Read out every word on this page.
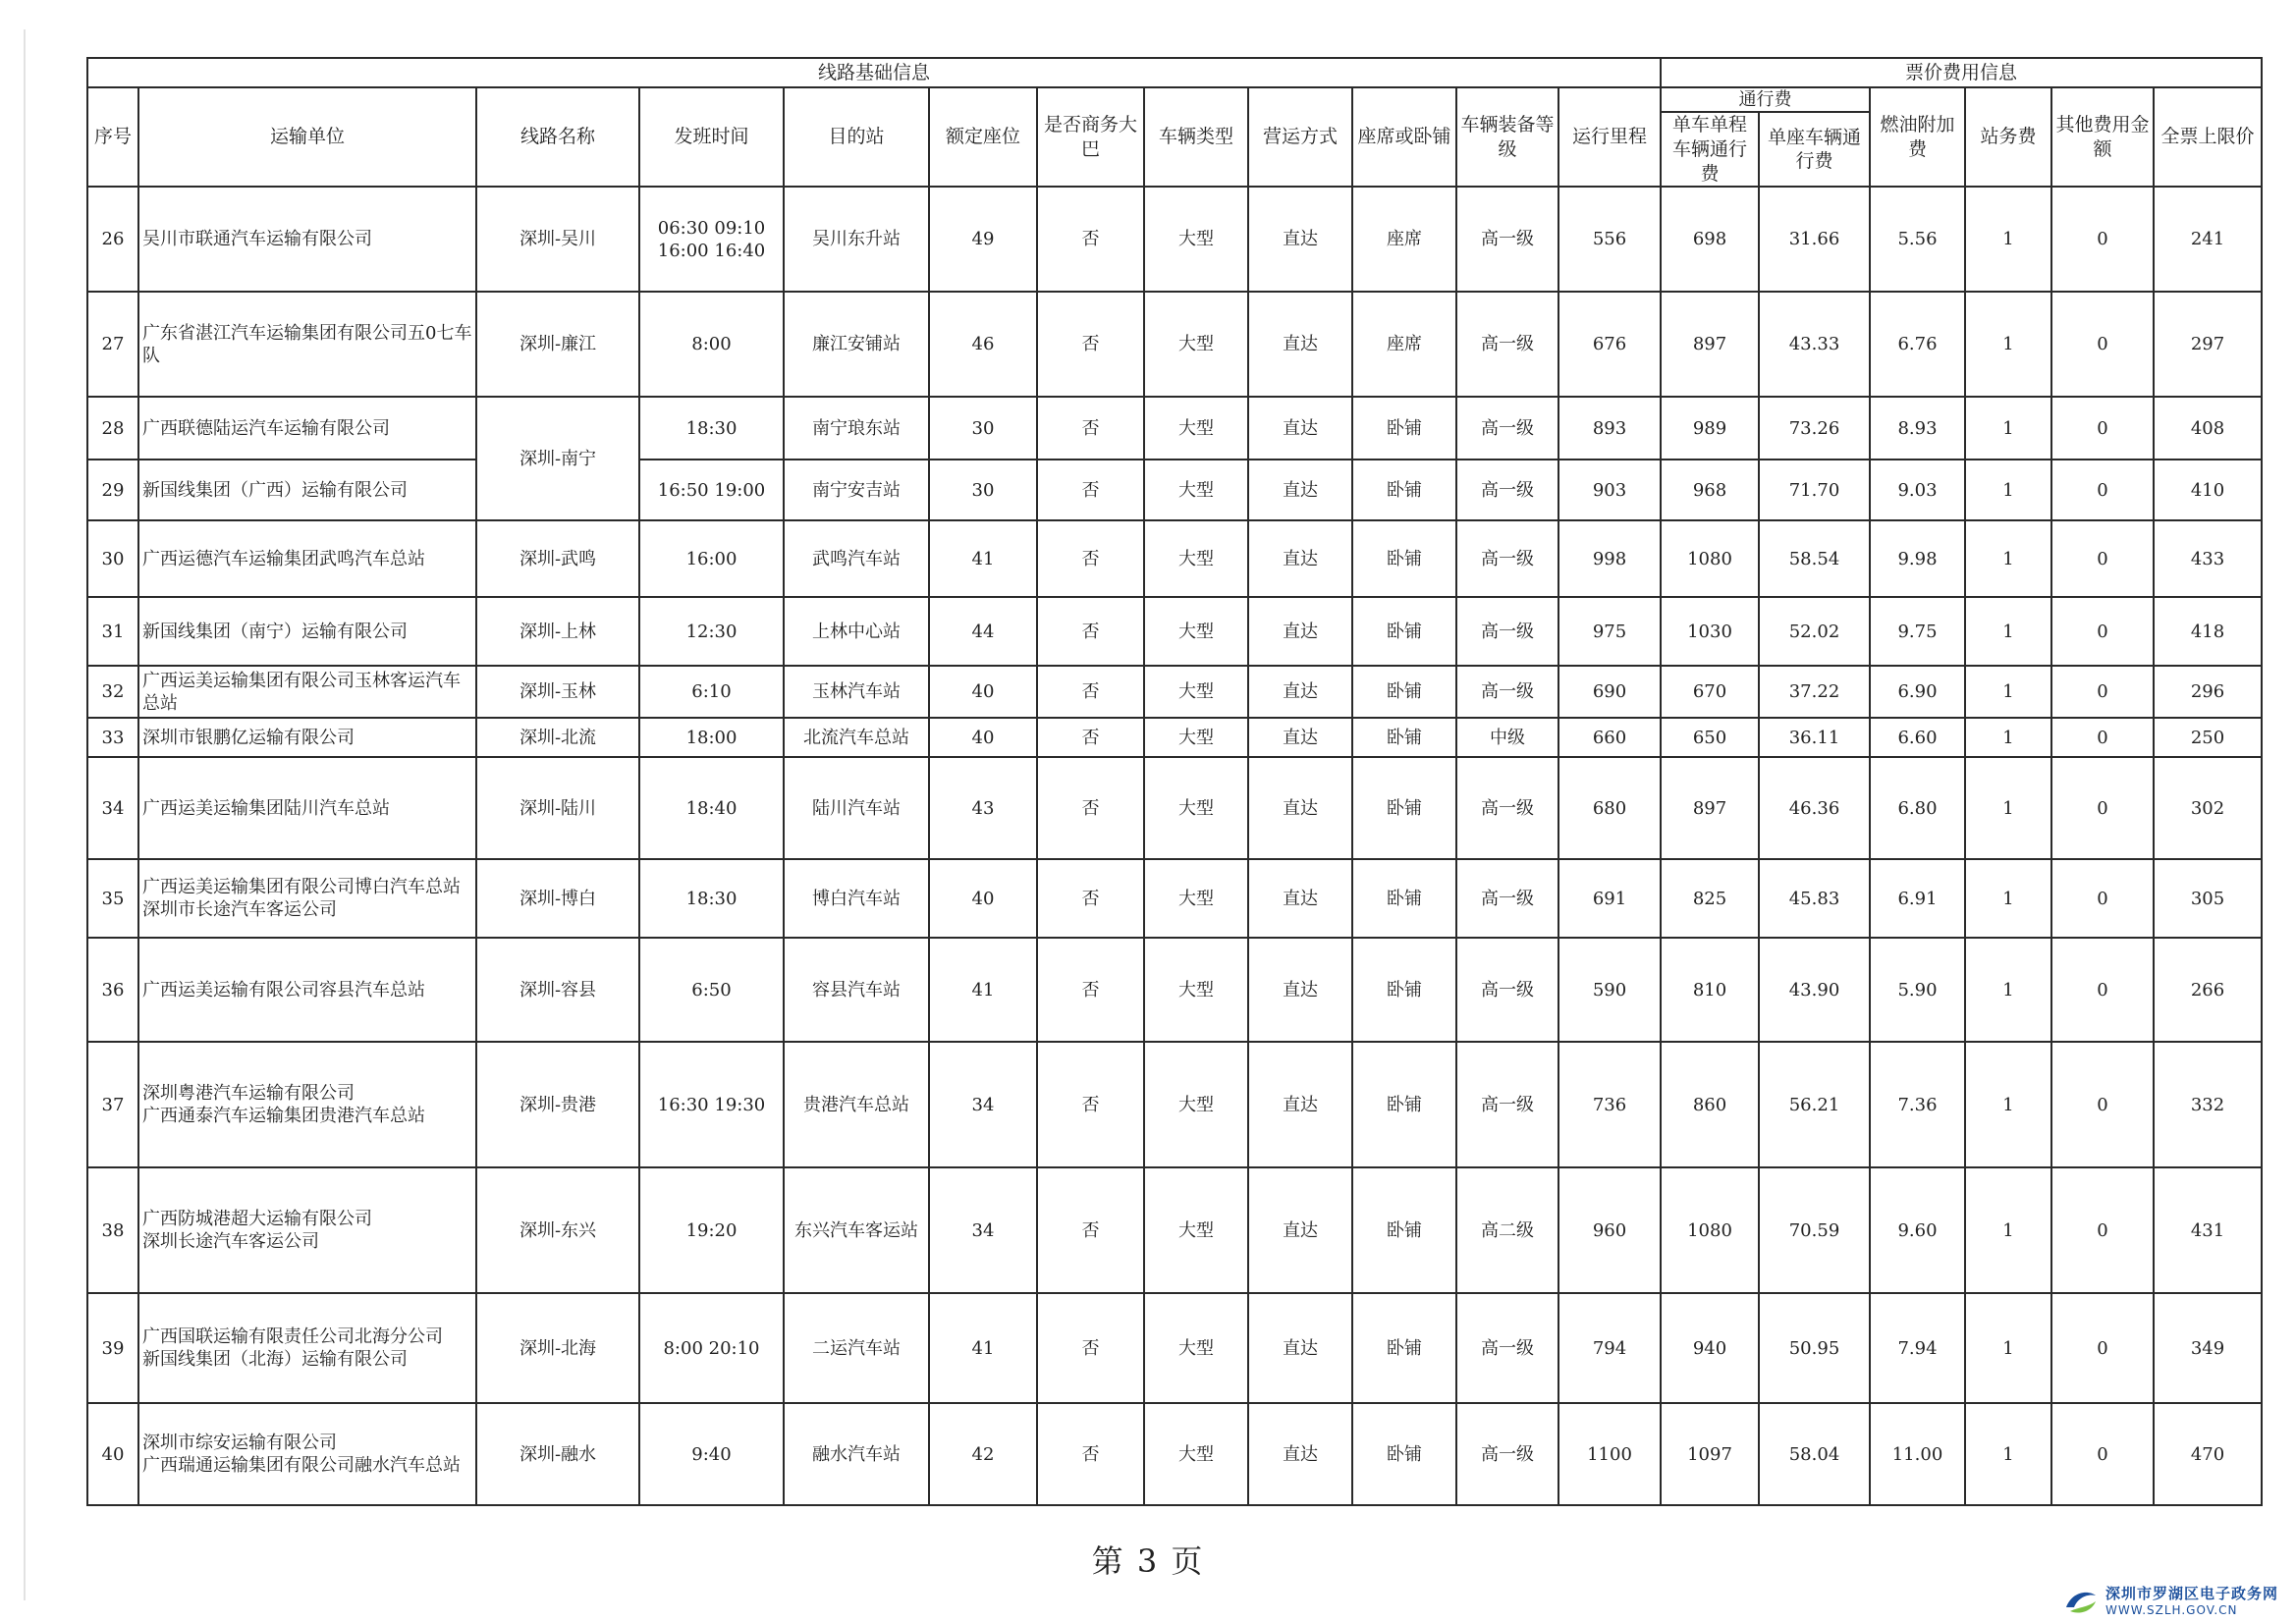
线路基础信息												票价费用信息					
序号	运输单位	线路名称	发班时间	目的站	额定座位	是否商务大巴	车辆类型	营运方式	座席或卧铺	车辆装备等级	运行里程	通行费		燃油附加费	站务费	其他费用金额	全票上限价
												单车单程车辆通行费	单座车辆通行费				
26	吴川市联通汽车运输有限公司	深圳-吴川	06:30 09:10
16:00 16:40	吴川东升站	49	否	大型	直达	座席	高一级	556	698	31.66	5.56	1	0	241
27	广东省湛江汽车运输集团有限公司五0七车队	深圳-廉江	8:00	廉江安铺站	46	否	大型	直达	座席	高一级	676	897	43.33	6.76	1	0	297
28	广西联德陆运汽车运输有限公司	深圳-南宁	18:30	南宁琅东站	30	否	大型	直达	卧铺	高一级	893	989	73.26	8.93	1	0	408
29	新国线集团（广西）运输有限公司		16:50 19:00	南宁安吉站	30	否	大型	直达	卧铺	高一级	903	968	71.70	9.03	1	0	410
30	广西运德汽车运输集团武鸣汽车总站	深圳-武鸣	16:00	武鸣汽车站	41	否	大型	直达	卧铺	高一级	998	1080	58.54	9.98	1	0	433
31	新国线集团（南宁）运输有限公司	深圳-上林	12:30	上林中心站	44	否	大型	直达	卧铺	高一级	975	1030	52.02	9.75	1	0	418
32	广西运美运输集团有限公司玉林客运汽车总站	深圳-玉林	6:10	玉林汽车站	40	否	大型	直达	卧铺	高一级	690	670	37.22	6.90	1	0	296
33	深圳市银鹏亿运输有限公司	深圳-北流	18:00	北流汽车总站	40	否	大型	直达	卧铺	中级	660	650	36.11	6.60	1	0	250
34	广西运美运输集团陆川汽车总站	深圳-陆川	18:40	陆川汽车站	43	否	大型	直达	卧铺	高一级	680	897	46.36	6.80	1	0	302
35	广西运美运输集团有限公司博白汽车总站
深圳市长途汽车客运公司	深圳-博白	18:30	博白汽车站	40	否	大型	直达	卧铺	高一级	691	825	45.83	6.91	1	0	305
36	广西运美运输有限公司容县汽车总站	深圳-容县	6:50	容县汽车站	41	否	大型	直达	卧铺	高一级	590	810	43.90	5.90	1	0	266
37	深圳粤港汽车运输有限公司
广西通泰汽车运输集团贵港汽车总站	深圳-贵港	16:30 19:30	贵港汽车总站	34	否	大型	直达	卧铺	高一级	736	860	56.21	7.36	1	0	332
38	广西防城港超大运输有限公司
深圳长途汽车客运公司	深圳-东兴	19:20	东兴汽车客运站	34	否	大型	直达	卧铺	高二级	960	1080	70.59	9.60	1	0	431
39	广西国联运输有限责任公司北海分公司
新国线集团（北海）运输有限公司	深圳-北海	8:00 20:10	二运汽车站	41	否	大型	直达	卧铺	高一级	794	940	50.95	7.94	1	0	349
40	深圳市综安运输有限公司
广西瑞通运输集团有限公司融水汽车总站	深圳-融水	9:40	融水汽车站	42	否	大型	直达	卧铺	高一级	1100	1097	58.04	11.00	1	0	470
第 3 页
深圳市罗湖区电子政务网
WWW.SZLH.GOV.CN
